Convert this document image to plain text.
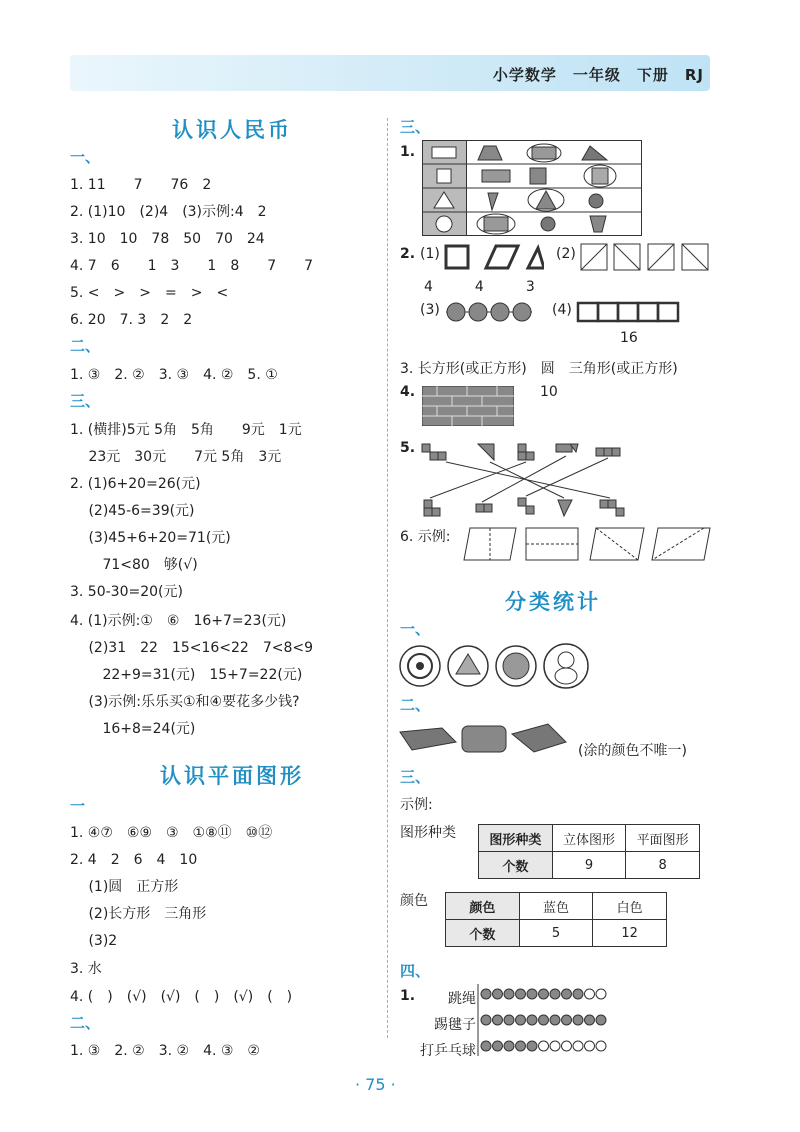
小学数学　一年级　下册　RJ
认识人民币
一、
1. 11　　7　　76　2
2. (1)10　(2)4　(3)示例:4　2
3. 10　10　78　50　70　24
4. 7　6　　1　3　　1　8　　7　　7
5. <　>　>　=　>　<
6. 20　7. 3　2　2
二、
1. ③　2. ②　3. ③　4. ②　5. ①
三、
1. (横排)5元 5角　5角　　9元　1元
　 23元　30元　　7元 5角　3元
2. (1)6+20=26(元)
　 (2)45-6=39(元)
　 (3)45+6+20=71(元)
　　 71<80　够(√)
3. 50-30=20(元)
4. (1)示例:①　⑥　16+7=23(元)
　 (2)31　22　15<16<22　7<8<9
　　 22+9=31(元)　15+7=22(元)
　 (3)示例:乐乐买①和④要花多少钱?
　　 16+8=24(元)
认识平面图形
一
1. ④⑦　⑥⑨　③　①⑧⑪　⑩⑫
2. 4　2　6　4　10
　 (1)圆　正方形
　 (2)长方形　三角形
　 (3)2
3. 水
4. (　)　(√)　(√)　(　)　(√)　(　)
二、
1. ③　2. ②　3. ②　4. ③　②
三、
1.
2. (1)
4　　　4　　　3
(2)
(3)	(4)
16
3. 长方形(或正方形)　圆　三角形(或正方形)
4.	10
5.
6. 示例:
分类统计
一、
二、
(涂的颜色不唯一)
三、
示例:
图形种类	图形种类	立体图形	平面图形
个数	9	8
颜色	颜色	蓝色	白色
个数	5	12
四、
1. 跳绳
踢毽子
打乒乓球
· 75 ·
